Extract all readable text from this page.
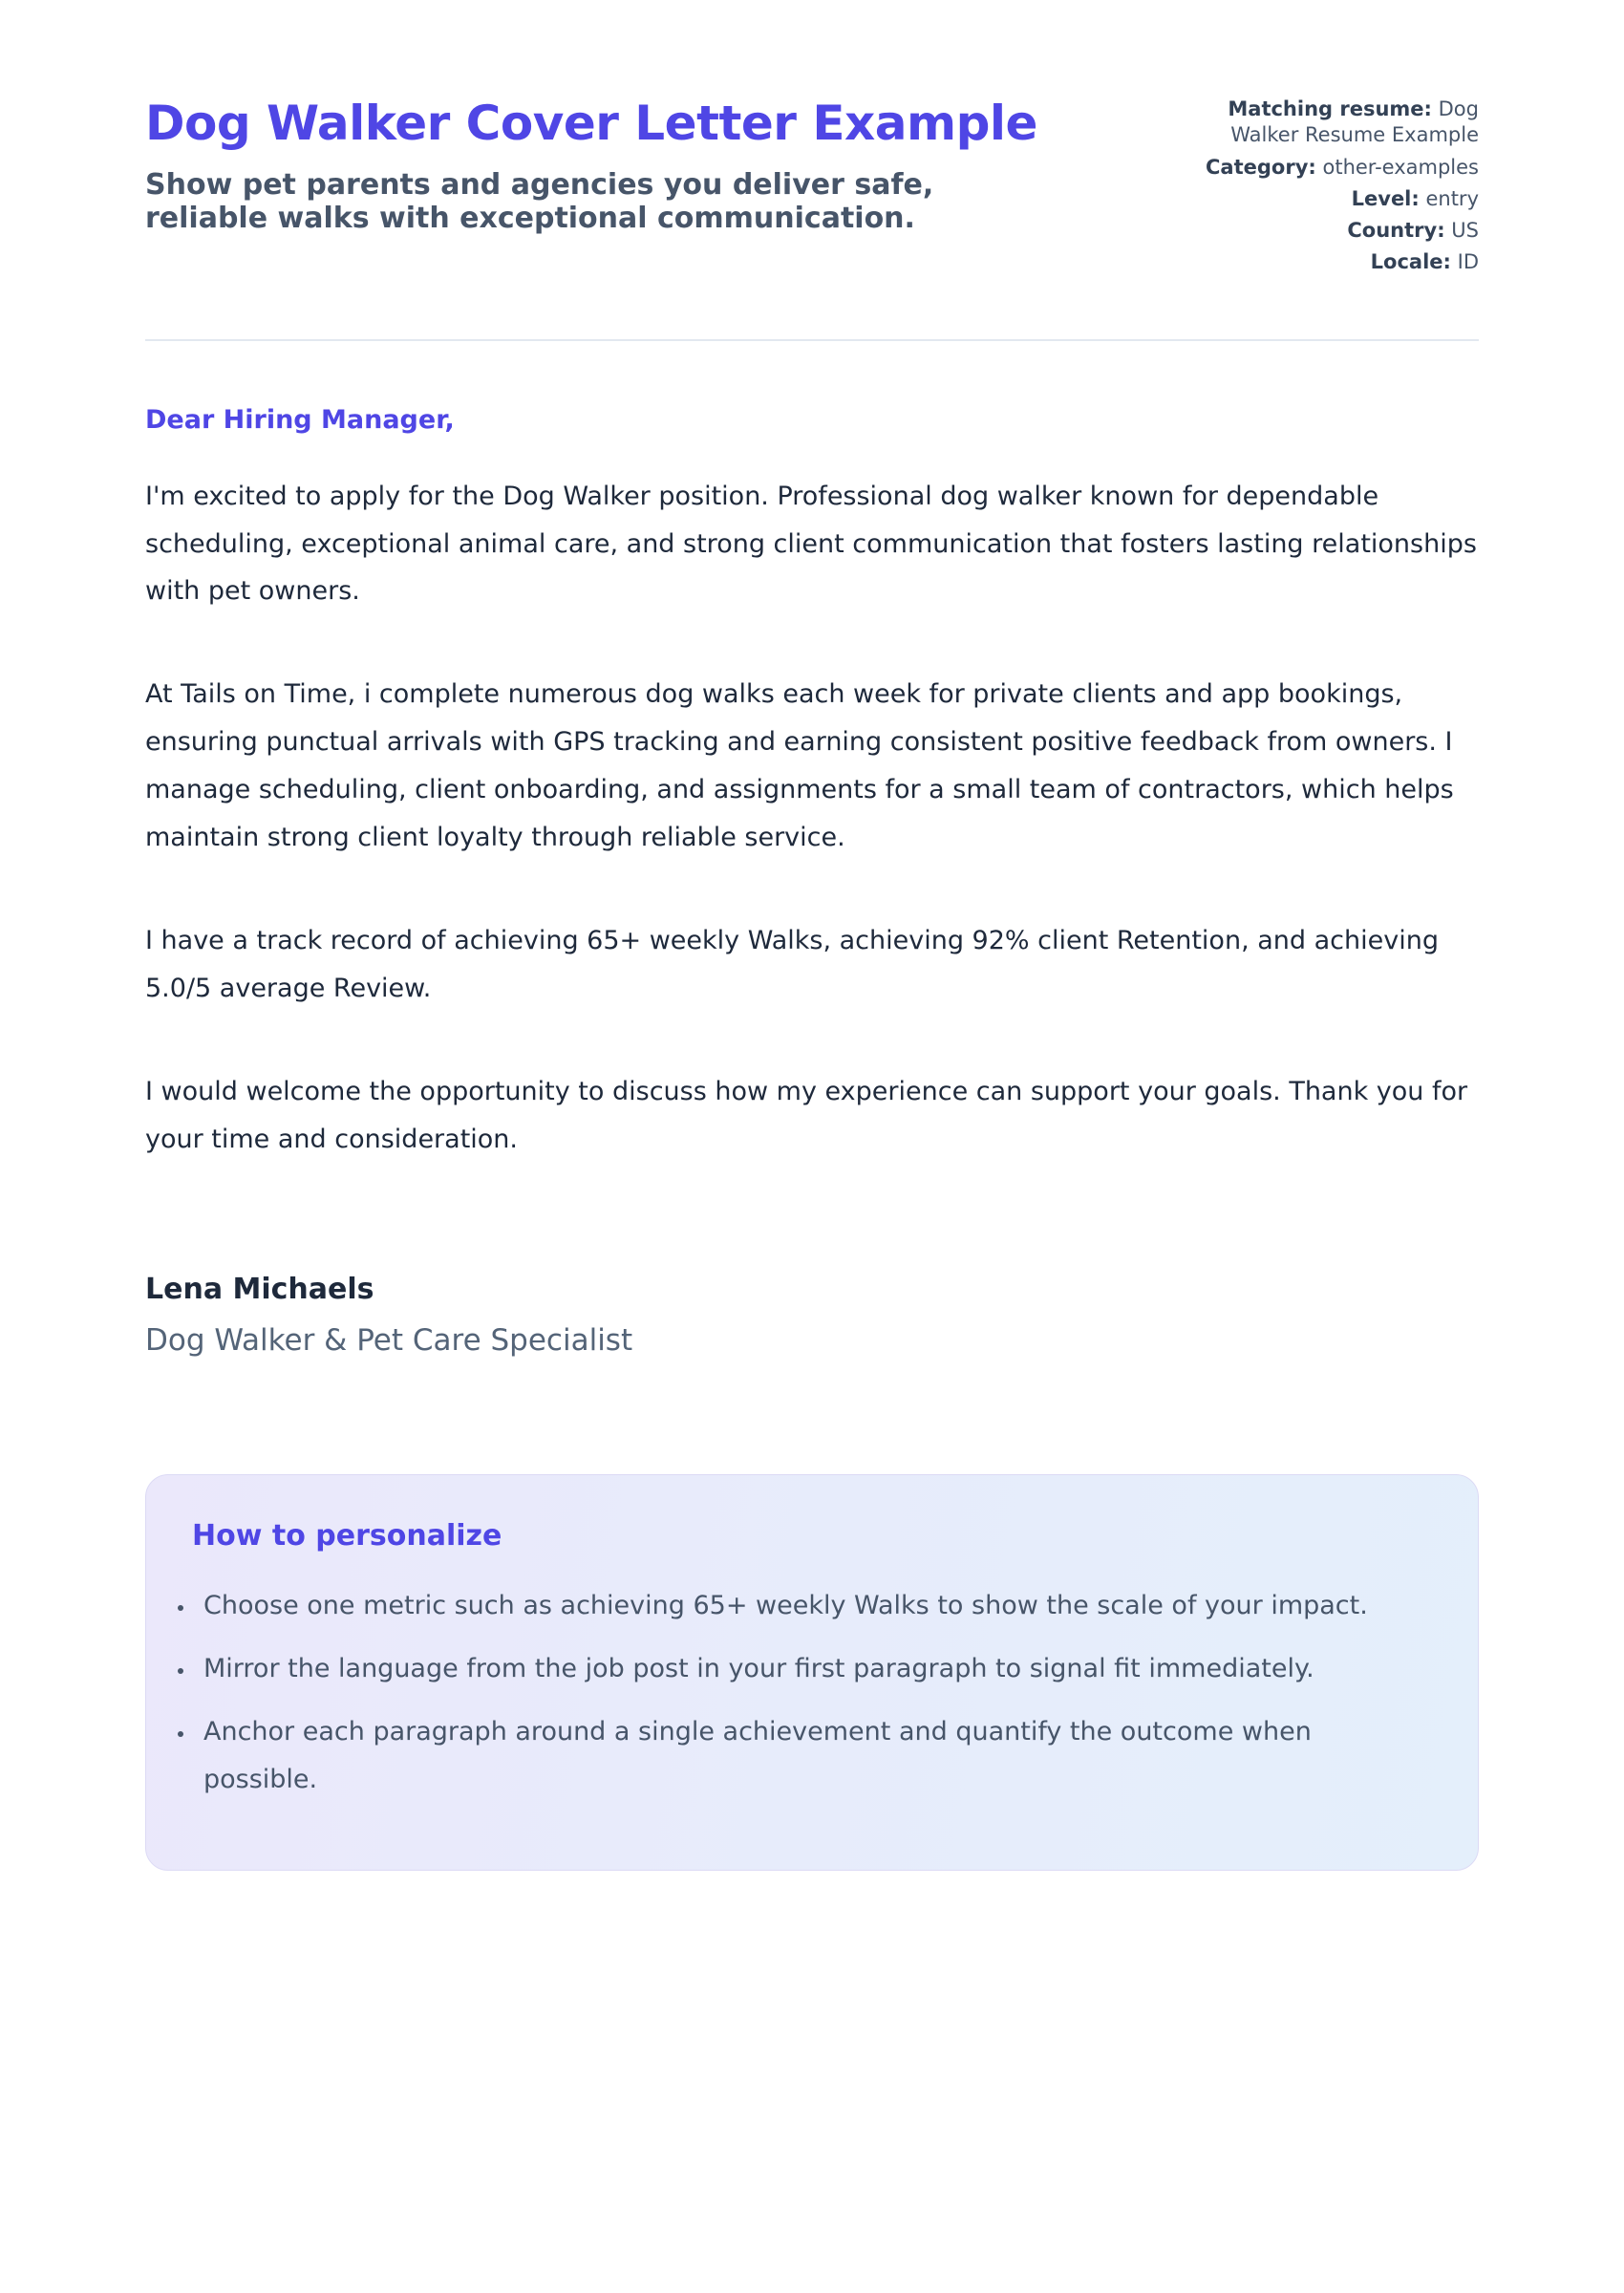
Dog Walker Cover Letter Example

Show pet parents and agencies you deliver safe, reliable walks with exceptional communication.

Matching resume: Dog Walker Resume Example
Category: other-examples
Level: entry
Country: US
Locale: ID

Dear Hiring Manager,

I'm excited to apply for the Dog Walker position. Professional dog walker known for dependable scheduling, exceptional animal care, and strong client communication that fosters lasting relationships with pet owners.

At Tails on Time, i complete numerous dog walks each week for private clients and app bookings, ensuring punctual arrivals with GPS tracking and earning consistent positive feedback from owners. I manage scheduling, client onboarding, and assignments for a small team of contractors, which helps maintain strong client loyalty through reliable service.

I have a track record of achieving 65+ weekly Walks, achieving 92% client Retention, and achieving 5.0/5 average Review.

I would welcome the opportunity to discuss how my experience can support your goals. Thank you for your time and consideration.

Lena Michaels

Dog Walker & Pet Care Specialist

How to personalize
• Choose one metric such as achieving 65+ weekly Walks to show the scale of your impact.
• Mirror the language from the job post in your first paragraph to signal fit immediately.
• Anchor each paragraph around a single achievement and quantify the outcome when possible.
